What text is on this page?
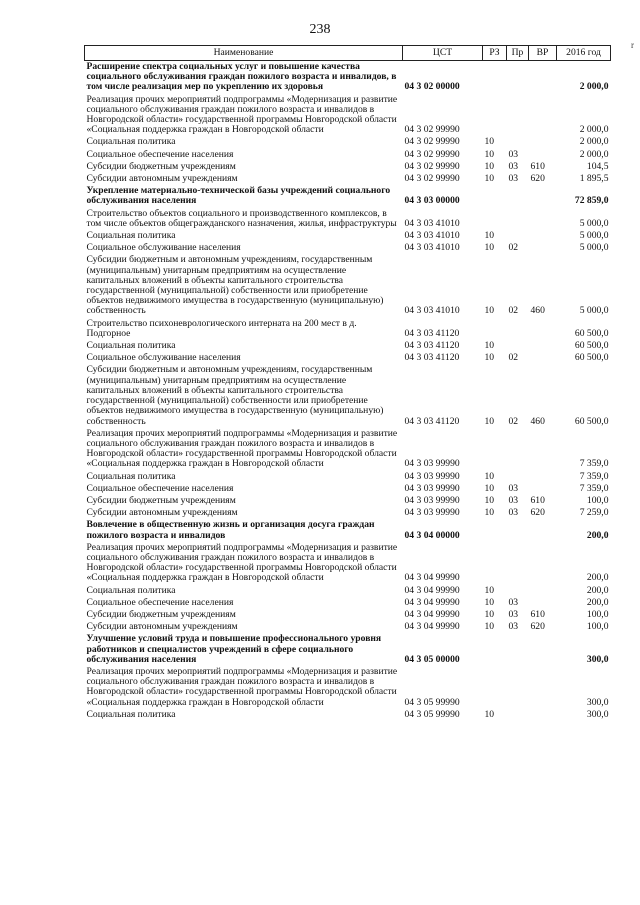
238
r
Наименование	ЦСТ	РЗ	Пр	ВР	2016 год
Расширение спектра социальных услуг и повышение качества социального обслуживания граждан пожилого возраста и инвалидов, в том числе реализация мер по укреплению их здоровья	04 3 02 00000				2 000,0
Реализация прочих мероприятий подпрограммы «Модернизация и развитие социального обслуживания граждан пожилого возраста и инвалидов в Новгородской области» государственной программы Новгородской области «Социальная поддержка граждан в Новгородской области	04 3 02 99990				2 000,0
Социальная политика	04 3 02 99990	10			2 000,0
Социальное обеспечение населения	04 3 02 99990	10	03		2 000,0
Субсидии бюджетным учреждениям	04 3 02 99990	10	03	610	104,5
Субсидии автономным учреждениям	04 3 02 99990	10	03	620	1 895,5
Укрепление материально-технической базы учреждений социального обслуживания населения	04 3 03 00000				72 859,0
Строительство объектов социального и производственного комплексов, в том числе объектов общегражданского назначения, жилья, инфраструктуры	04 3 03 41010				5 000,0
Социальная политика	04 3 03 41010	10			5 000,0
Социальное обслуживание населения	04 3 03 41010	10	02		5 000,0
Субсидии бюджетным и автономным учреждениям, государственным (муниципальным) унитарным предприятиям на осуществление капитальных вложений в объекты капитального строительства государственной (муниципальной) собственности или приобретение объектов недвижимого имущества в государственную (муниципальную) собственность	04 3 03 41010	10	02	460	5 000,0
Строительство психоневрологического интерната на 200 мест в д. Подгорное	04 3 03 41120				60 500,0
Социальная политика	04 3 03 41120	10			60 500,0
Социальное обслуживание населения	04 3 03 41120	10	02		60 500,0
Субсидии бюджетным и автономным учреждениям, государственным (муниципальным) унитарным предприятиям на осуществление капитальных вложений в объекты капитального строительства государственной (муниципальной) собственности или приобретение объектов недвижимого имущества в государственную (муниципальную) собственность	04 3 03 41120	10	02	460	60 500,0
Реализация прочих мероприятий подпрограммы «Модернизация и развитие социального обслуживания граждан пожилого возраста и инвалидов в Новгородской области» государственной программы Новгородской области «Социальная поддержка граждан в Новгородской области	04 3 03 99990				7 359,0
Социальная политика	04 3 03 99990	10			7 359,0
Социальное обеспечение населения	04 3 03 99990	10	03		7 359,0
Субсидии бюджетным учреждениям	04 3 03 99990	10	03	610	100,0
Субсидии автономным учреждениям	04 3 03 99990	10	03	620	7 259,0
Вовлечение в общественную жизнь и организация досуга граждан пожилого возраста и инвалидов	04 3 04 00000				200,0
Реализация прочих мероприятий подпрограммы «Модернизация и развитие социального обслуживания граждан пожилого возраста и инвалидов в Новгородской области» государственной программы Новгородской области «Социальная поддержка граждан в Новгородской области	04 3 04 99990				200,0
Социальная политика	04 3 04 99990	10			200,0
Социальное обеспечение населения	04 3 04 99990	10	03		200,0
Субсидии бюджетным учреждениям	04 3 04 99990	10	03	610	100,0
Субсидии автономным учреждениям	04 3 04 99990	10	03	620	100,0
Улучшение условий труда и повышение профессионального уровня работников и специалистов учреждений в сфере социального обслуживания населения	04 3 05 00000				300,0
Реализация прочих мероприятий подпрограммы «Модернизация и развитие социального обслуживания граждан пожилого возраста и инвалидов в Новгородской области» государственной программы Новгородской области «Социальная поддержка граждан в Новгородской области	04 3 05 99990				300,0
Социальная политика	04 3 05 99990	10			300,0
